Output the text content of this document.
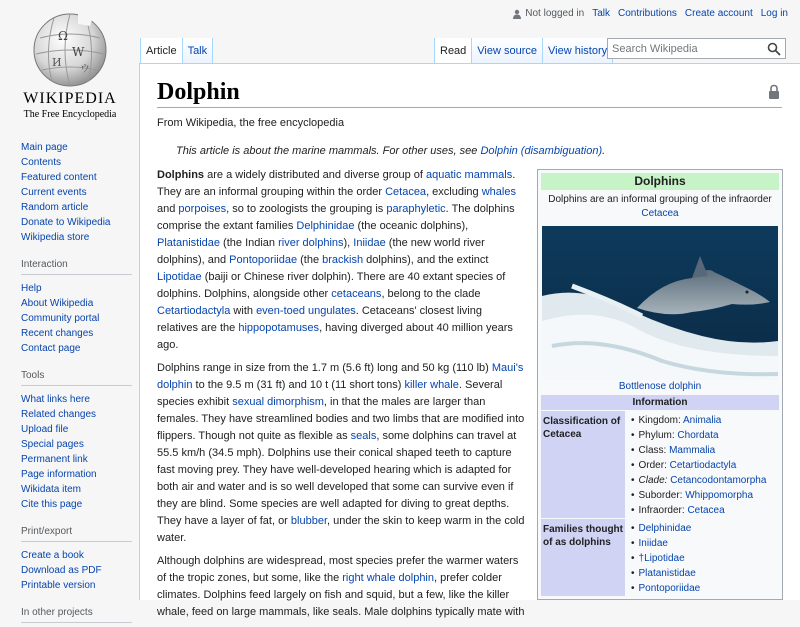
Ω
W
И
ウ
WIKIPEDIA
The Free Encyclopedia
Not logged in Talk Contributions Create account Log in
Article	Talk	Read	View source	View history Search Wikipedia
Main page
Contents
Featured content
Current events
Random article
Donate to Wikipedia
Wikipedia store
Interaction
Help
About Wikipedia
Community portal
Recent changes
Contact page
Tools
What links here
Related changes
Upload file
Special pages
Permanent link
Page information
Wikidata item
Cite this page
Print/export
Create a book
Download as PDF
Printable version
In other projects
Dolphin
From Wikipedia, the free encyclopedia
This article is about the marine mammals. For other uses, see Dolphin (disambiguation).

Dolphins are a widely distributed and diverse group of aquatic mammals. They are an informal grouping within the order Cetacea, excluding whales and porpoises, so to zoologists the grouping is paraphyletic. The dolphins comprise the extant families Delphinidae (the oceanic dolphins), Platanistidae (the Indian river dolphins), Iniidae (the new world river dolphins), and Pontoporiidae (the brackish dolphins), and the extinct Lipotidae (baiji or Chinese river dolphin). There are 40 extant species of dolphins. Dolphins, alongside other cetaceans, belong to the clade Cetartiodactyla with even-toed ungulates. Cetaceans' closest living relatives are the hippopotamuses, having diverged about 40 million years ago.

Dolphins range in size from the 1.7 m (5.6 ft) long and 50 kg (110 lb) Maui's dolphin to the 9.5 m (31 ft) and 10 t (11 short tons) killer whale. Several species exhibit sexual dimorphism, in that the males are larger than females. They have streamlined bodies and two limbs that are modified into flippers. Though not quite as flexible as seals, some dolphins can travel at 55.5 km/h (34.5 mph). Dolphins use their conical shaped teeth to capture fast moving prey. They have well-developed hearing which is adapted for both air and water and is so well developed that some can survive even if they are blind. Some species are well adapted for diving to great depths. They have a layer of fat, or blubber, under the skin to keep warm in the cold water.

Although dolphins are widespread, most species prefer the warmer waters of the tropic zones, but some, like the right whale dolphin, prefer colder climates. Dolphins feed largely on fish and squid, but a few, like the killer whale, feed on large mammals, like seals. Male dolphins typically mate with

Dolphins
Dolphins are an informal grouping of the infraorder
Cetacea
Bottlenose dolphin
Information
Classification of Cetacea
• Kingdom: Animalia
• Phylum: Chordata
• Class: Mammalia
• Order: Cetartiodactyla
• Clade: Cetancodontamorpha
• Suborder: Whippomorpha
• Infraorder: Cetacea
Families thought of as dolphins
• Delphinidae
• Iniidae
• †Lipotidae
• Platanistidae
• Pontoporiidae
